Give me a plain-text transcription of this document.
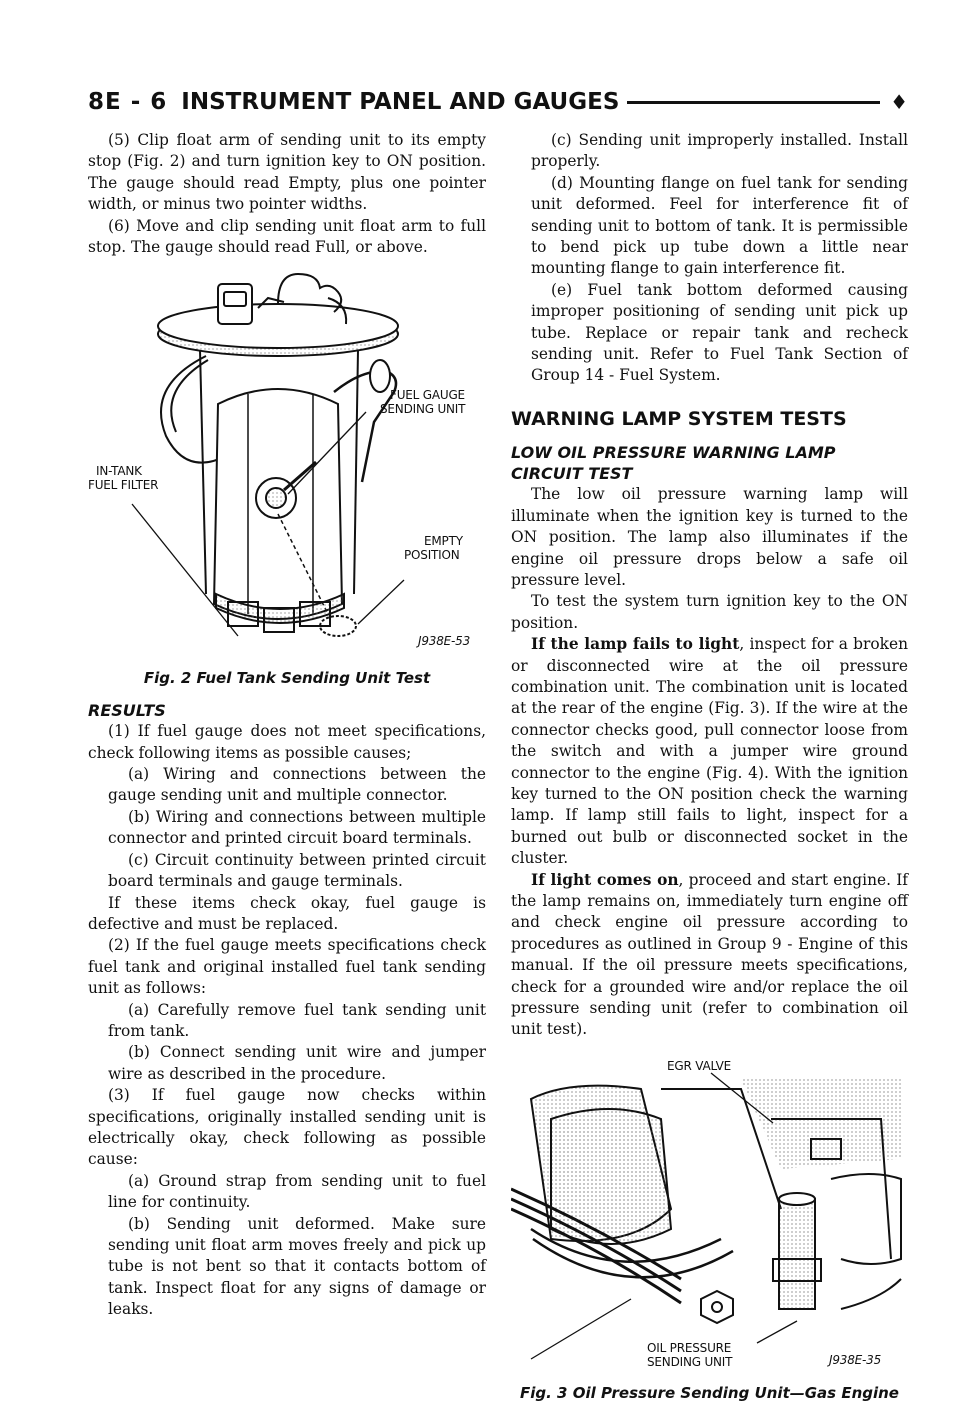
8E - 6 INSTRUMENT PANEL AND GAUGES	♦

(5) Clip float arm of sending unit to its empty stop (Fig. 2) and turn ignition key to ON position. The gauge should read Empty, plus one pointer width, or minus two pointer widths.

(6) Move and clip sending unit float arm to full stop. The gauge should read Full, or above.

FUEL GAUGE
SENDING UNIT
IN-TANK
FUEL FILTER
EMPTY
POSITION
J938E-53
Fig. 2 Fuel Tank Sending Unit Test
RESULTS

(1) If fuel gauge does not meet specifications, check following items as possible causes;

(a) Wiring and connections between the gauge sending unit and multiple connector.

(b) Wiring and connections between multiple connector and printed circuit board terminals.

(c) Circuit continuity between printed circuit board terminals and gauge terminals.

If these items check okay, fuel gauge is defective and must be replaced.

(2) If the fuel gauge meets specifications check fuel tank and original installed fuel tank sending unit as follows:

(a) Carefully remove fuel tank sending unit from tank.

(b) Connect sending unit wire and jumper wire as described in the procedure.

(3) If fuel gauge now checks within specifications, originally installed sending unit is electrically okay, check following as possible cause:

(a) Ground strap from sending unit to fuel line for continuity.

(b) Sending unit deformed. Make sure sending unit float arm moves freely and pick up tube is not bent so that it contacts bottom of tank. Inspect float for any signs of damage or leaks.

(c) Sending unit improperly installed. Install properly.

(d) Mounting flange on fuel tank for sending unit deformed. Feel for interference fit of sending unit to bottom of tank. It is permissible to bend pick up tube down a little near mounting flange to gain interference fit.

(e) Fuel tank bottom deformed causing improper positioning of sending unit pick up tube. Replace or repair tank and recheck sending unit. Refer to Fuel Tank Section of Group 14 - Fuel System.

WARNING LAMP SYSTEM TESTS
LOW OIL PRESSURE WARNING LAMP
CIRCUIT TEST

The low oil pressure warning lamp will illuminate when the ignition key is turned to the ON position. The lamp also illuminates if the engine oil pressure drops below a safe oil pressure level.

To test the system turn ignition key to the ON position.

If the lamp fails to light, inspect for a broken or disconnected wire at the oil pressure combination unit. The combination unit is located at the rear of the engine (Fig. 3). If the wire at the connector checks good, pull connector loose from the switch and with a jumper wire ground connector to the engine (Fig. 4). With the ignition key turned to the ON position check the warning lamp. If lamp still fails to light, inspect for a burned out bulb or disconnected socket in the cluster.

If light comes on, proceed and start engine. If the lamp remains on, immediately turn engine off and check engine oil pressure according to procedures as outlined in Group 9 - Engine of this manual. If the oil pressure meets specifications, check for a grounded wire and/or replace the oil pressure sending unit (refer to combination oil unit test).

EGR VALVE
OIL PRESSURE
SENDING UNIT	J938E-35
Fig. 3 Oil Pressure Sending Unit—Gas Engine
